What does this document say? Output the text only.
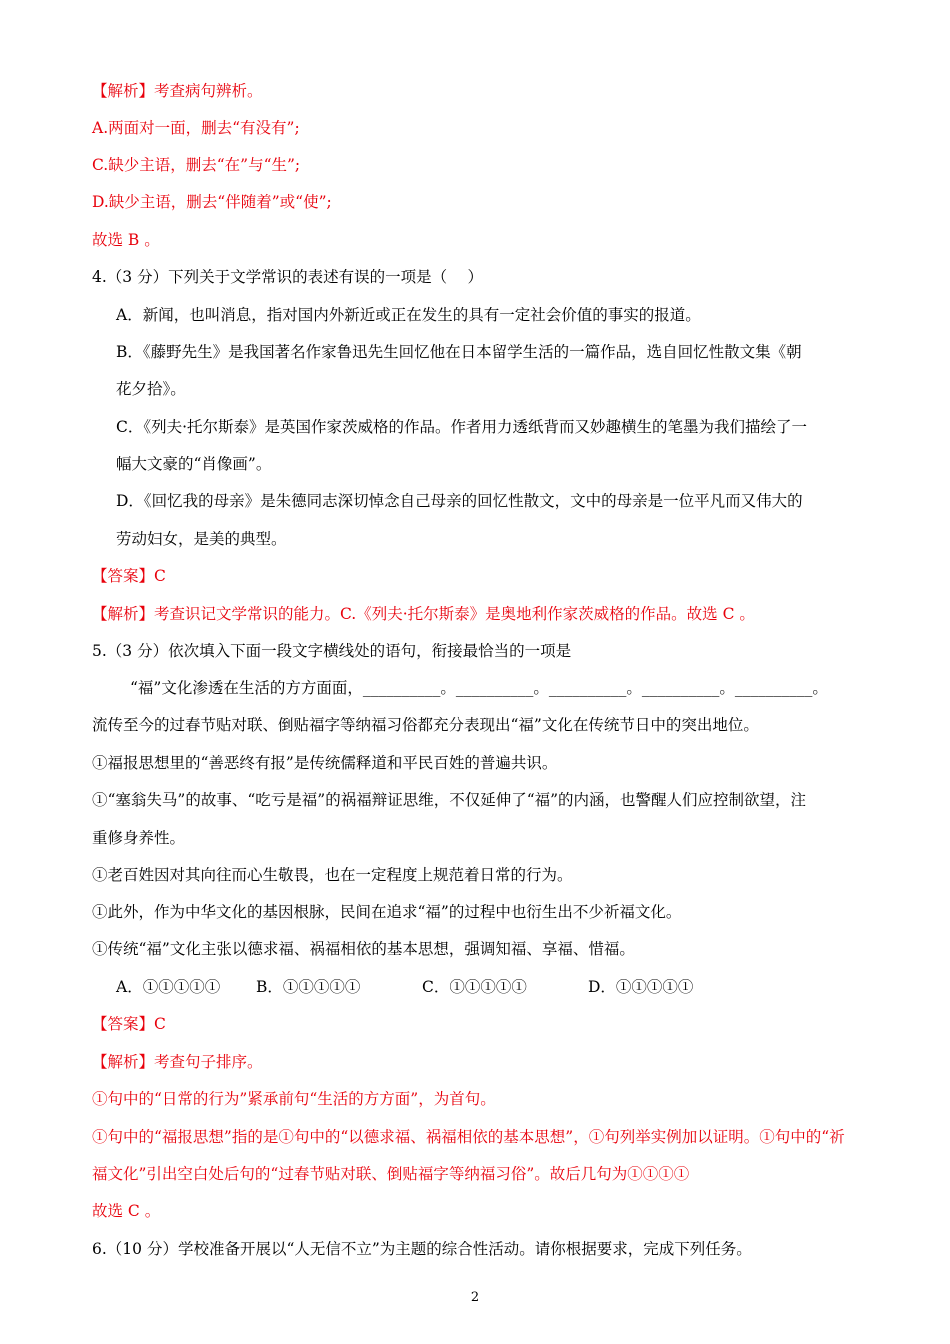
【解析】考查病句辨析。
A.两面对一面，删去“有没有”;
C.缺少主语，删去“在”与“生”;
D.缺少主语，删去“伴随着”或“使”;
故选 B 。
4.（3 分）下列关于文学常识的表述有误的一项是（　 ）
A．新闻，也叫消息，指对国内外新近或正在发生的具有一定社会价值的事实的报道。
B．《藤野先生》是我国著名作家鲁迅先生回忆他在日本留学生活的一篇作品，选自回忆性散文集《朝
花夕拾》。
C．《列夫·托尔斯泰》是英国作家茨威格的作品。作者用力透纸背而又妙趣横生的笔墨为我们描绘了一
幅大文豪的“肖像画”。
D．《回忆我的母亲》是朱德同志深切悼念自己母亲的回忆性散文，文中的母亲是一位平凡而又伟大的
劳动妇女，是美的典型。
【答案】C
【解析】考查识记文学常识的能力。C.《列夫·托尔斯泰》是奥地利作家茨威格的作品。故选 C 。
5.（3 分）依次填入下面一段文字横线处的语句，衔接最恰当的一项是
“福”文化渗透在生活的方方面面，__________。__________。__________。__________。__________。
流传至今的过春节贴对联、倒贴福字等纳福习俗都充分表现出“福”文化在传统节日中的突出地位。
①福报思想里的“善恶终有报”是传统儒释道和平民百姓的普遍共识。
①“塞翁失马”的故事、“吃亏是福”的祸福辩证思维，不仅延伸了“福”的内涵，也警醒人们应控制欲望，注
重修身养性。
①老百姓因对其向往而心生敬畏，也在一定程度上规范着日常的行为。
①此外，作为中华文化的基因根脉，民间在追求“福”的过程中也衍生出不少祈福文化。
①传统“福”文化主张以德求福、祸福相依的基本思想，强调知福、享福、惜福。
A．①①①①① B．①①①①①	C．①①①①①	D．①①①①①
【答案】C
【解析】考查句子排序。
①句中的“日常的行为”紧承前句“生活的方方面”，为首句。
①句中的“福报思想”指的是①句中的“以德求福、祸福相依的基本思想”，①句列举实例加以证明。①句中的“祈
福文化”引出空白处后句的“过春节贴对联、倒贴福字等纳福习俗”。故后几句为①①①①
故选 C 。
6.（10 分）学校准备开展以“人无信不立”为主题的综合性活动。请你根据要求，完成下列任务。
2
